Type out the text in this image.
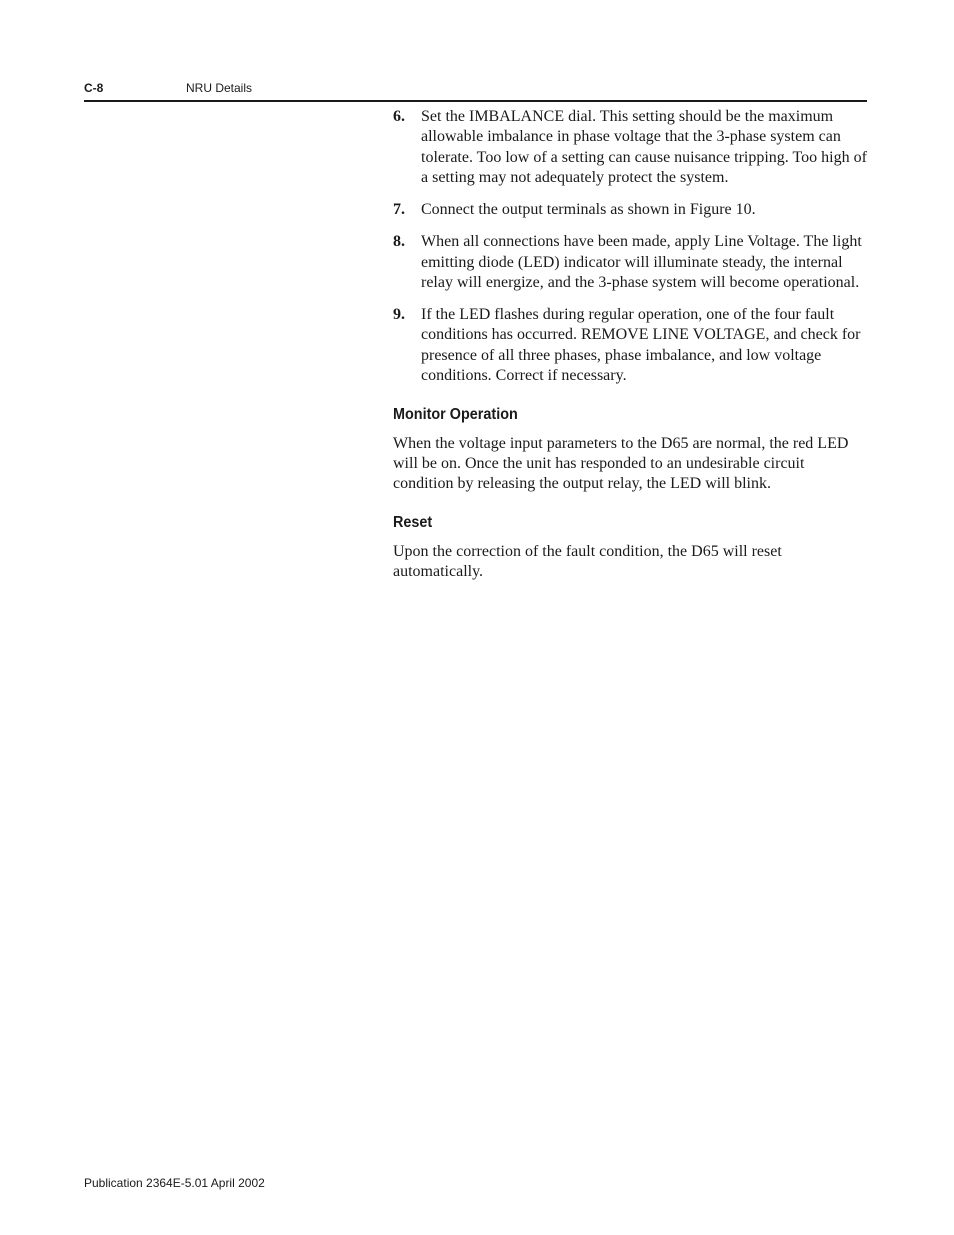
C-8	NRU Details
6.	Set the IMBALANCE dial. This setting should be the maximum allowable imbalance in phase voltage that the 3-phase system can tolerate. Too low of a setting can cause nuisance tripping. Too high of a setting may not adequately protect the system.
7.	Connect the output terminals as shown in Figure 10.
8.	When all connections have been made, apply Line Voltage. The light emitting diode (LED) indicator will illuminate steady, the internal relay will energize, and the 3-phase system will become operational.
9.	If the LED flashes during regular operation, one of the four fault conditions has occurred. REMOVE LINE VOLTAGE, and check for presence of all three phases, phase imbalance, and low voltage conditions. Correct if necessary.
Monitor Operation

When the voltage input parameters to the D65 are normal, the red LED will be on. Once the unit has responded to an undesirable circuit condition by releasing the output relay, the LED will blink.

Reset

Upon the correction of the fault condition, the D65 will reset automatically.

Publication 2364E-5.01 April 2002
